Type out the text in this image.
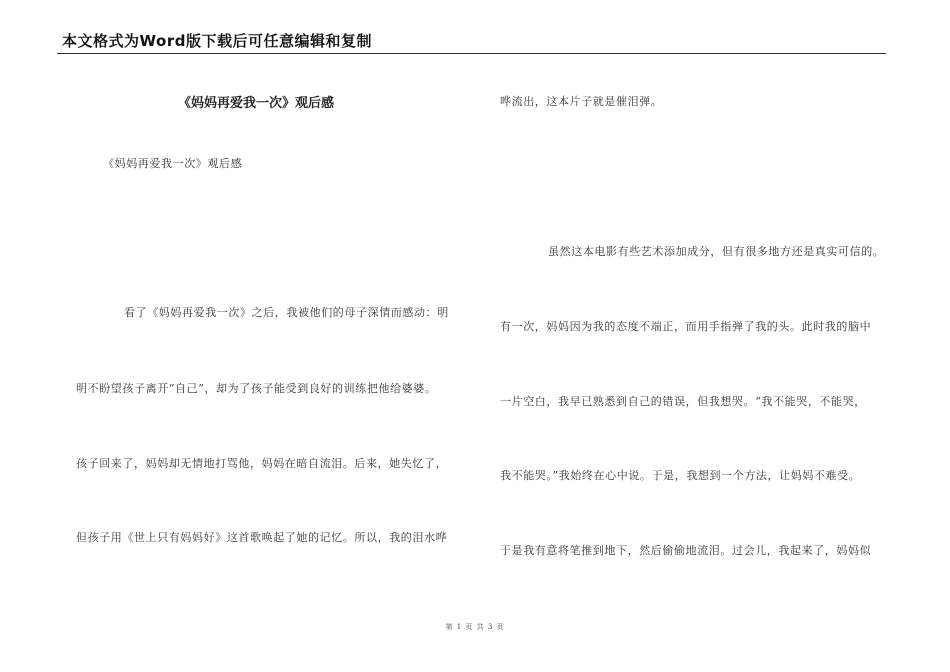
本文格式为Word版下载后可任意编辑和复制
《妈妈再爱我一次》观后感
《妈妈再爱我一次》观后感
看了《妈妈再爱我一次》之后，我被他们的母子深情而感动：明
明不盼望孩子离开“自己”，却为了孩子能受到良好的训练把他给婆婆。
孩子回来了，妈妈却无情地打骂他，妈妈在暗自流泪。后来，她失忆了，
但孩子用《世上只有妈妈好》这首歌唤起了她的记忆。所以，我的泪水哗
哗流出，这本片子就是催泪弹。
虽然这本电影有些艺术添加成分，但有很多地方还是真实可信的。
有一次，妈妈因为我的态度不端正，而用手指弹了我的头。此时我的脑中
一片空白，我早已熟悉到自己的错误，但我想哭。“我不能哭，不能哭，
我不能哭。”我始终在心中说。于是，我想到一个方法，让妈妈不难受。
于是我有意将笔推到地下，然后偷偷地流泪。过会儿，我起来了，妈妈似
第 1 页 共 3 页
